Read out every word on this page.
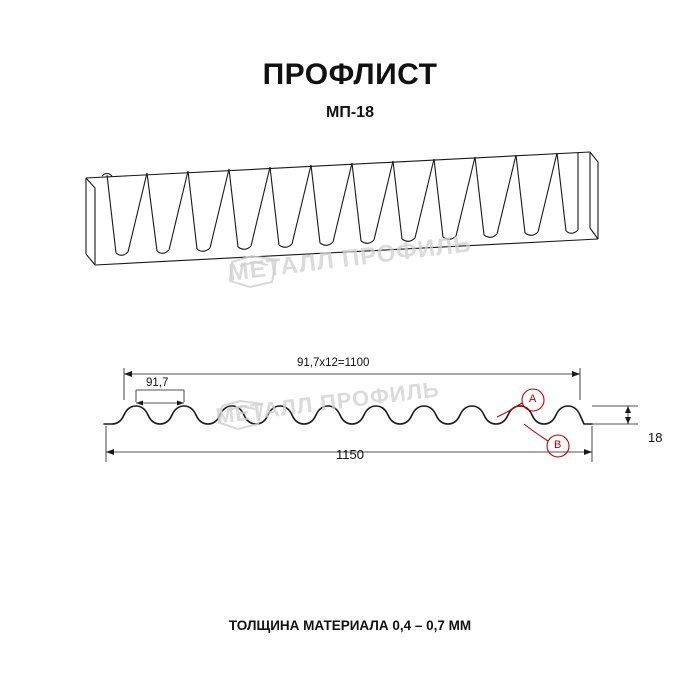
ПРОФЛИСТ
МП-18
МЕТАЛЛ ПРОФИЛЬ
МЕТАЛЛ ПРОФИЛЬ
91,7х12=1100
91,7
1150
18
A
B
ТОЛЩИНА МАТЕРИАЛА 0,4 – 0,7 ММ
